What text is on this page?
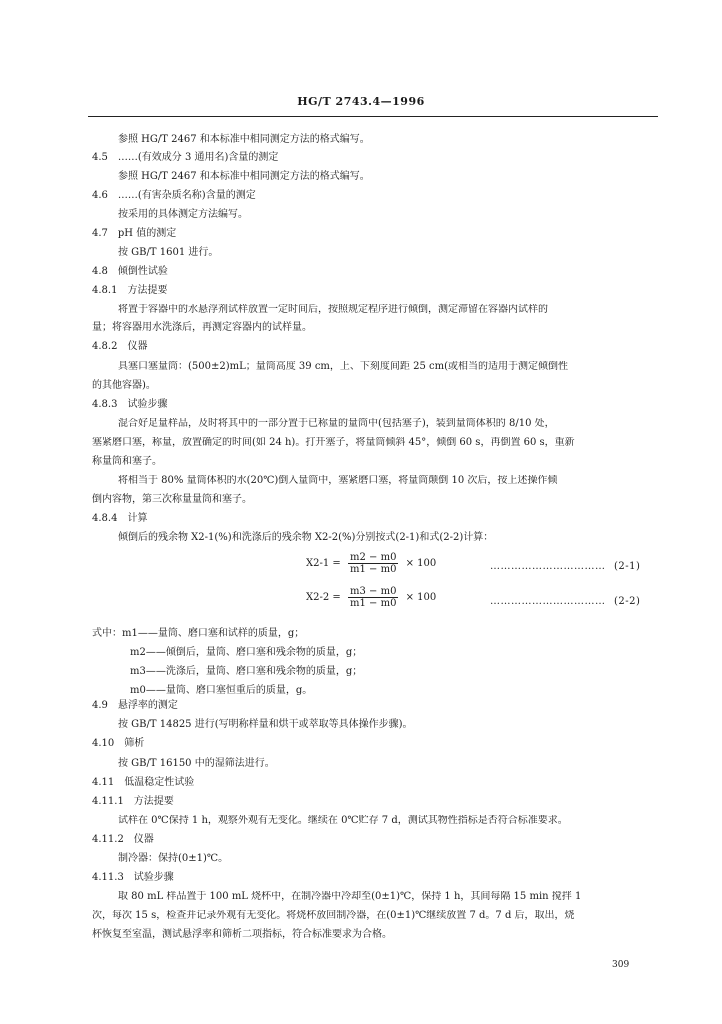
HG/T 2743.4—1996
参照 HG/T 2467 和本标准中相同测定方法的格式编写。
4.5　……(有效成分 3 通用名)含量的测定
参照 HG/T 2467 和本标准中相同测定方法的格式编写。
4.6　……(有害杂质名称)含量的测定
按采用的具体测定方法编写。
4.7　pH 值的测定
按 GB/T 1601 进行。
4.8　倾倒性试验
4.8.1　方法提要
将置于容器中的水悬浮剂试样放置一定时间后，按照规定程序进行倾倒，测定滞留在容器内试样的
量；将容器用水洗涤后，再测定容器内的试样量。
4.8.2　仪器
具塞口塞量筒：(500±2)mL；量筒高度 39 cm，上、下刻度间距 25 cm(或相当的适用于测定倾倒性
的其他容器)。
4.8.3　试验步骤
混合好足量样品，及时将其中的一部分置于已称量的量筒中(包括塞子)，装到量筒体积的 8/10 处，
塞紧磨口塞，称量，放置确定的时间(如 24 h)。打开塞子，将量筒倾斜 45°，倾倒 60 s，再倒置 60 s，重新
称量筒和塞子。
将相当于 80% 量筒体积的水(20℃)倒入量筒中，塞紧磨口塞，将量筒颠倒 10 次后，按上述操作倾
倒内容物，第三次称量量筒和塞子。
4.8.4　计算
倾倒后的残余物 X2-1(%)和洗涤后的残余物 X2-2(%)分别按式(2-1)和式(2-2)计算：
$X2-1 = \frac{m2 - m0}{m1 - m0} \times 100$	…………………………… (2-1)
$X2-2 = \frac{m3 - m0}{m1 - m0} \times 100$	…………………………… (2-2)
式中：m1——量筒、磨口塞和试样的质量，g；
m2——倾倒后，量筒、磨口塞和残余物的质量，g；
m3——洗涤后，量筒、磨口塞和残余物的质量，g；
m0——量筒、磨口塞恒重后的质量，g。
4.9　悬浮率的测定
按 GB/T 14825 进行(写明称样量和烘干或萃取等具体操作步骤)。
4.10　筛析
按 GB/T 16150 中的湿筛法进行。
4.11　低温稳定性试验
4.11.1　方法提要
试样在 0℃保持 1 h，观察外观有无变化。继续在 0℃贮存 7 d，测试其物性指标是否符合标准要求。
4.11.2　仪器
制冷器：保持(0±1)℃。
4.11.3　试验步骤
取 80 mL 样品置于 100 mL 烧杯中，在制冷器中冷却至(0±1)℃，保持 1 h，其间每隔 15 min 搅拌 1
次，每次 15 s，检查并记录外观有无变化。将烧杯放回制冷器，在(0±1)℃继续放置 7 d。7 d 后，取出，烧
杯恢复至室温，测试悬浮率和筛析二项指标，符合标准要求为合格。
309
